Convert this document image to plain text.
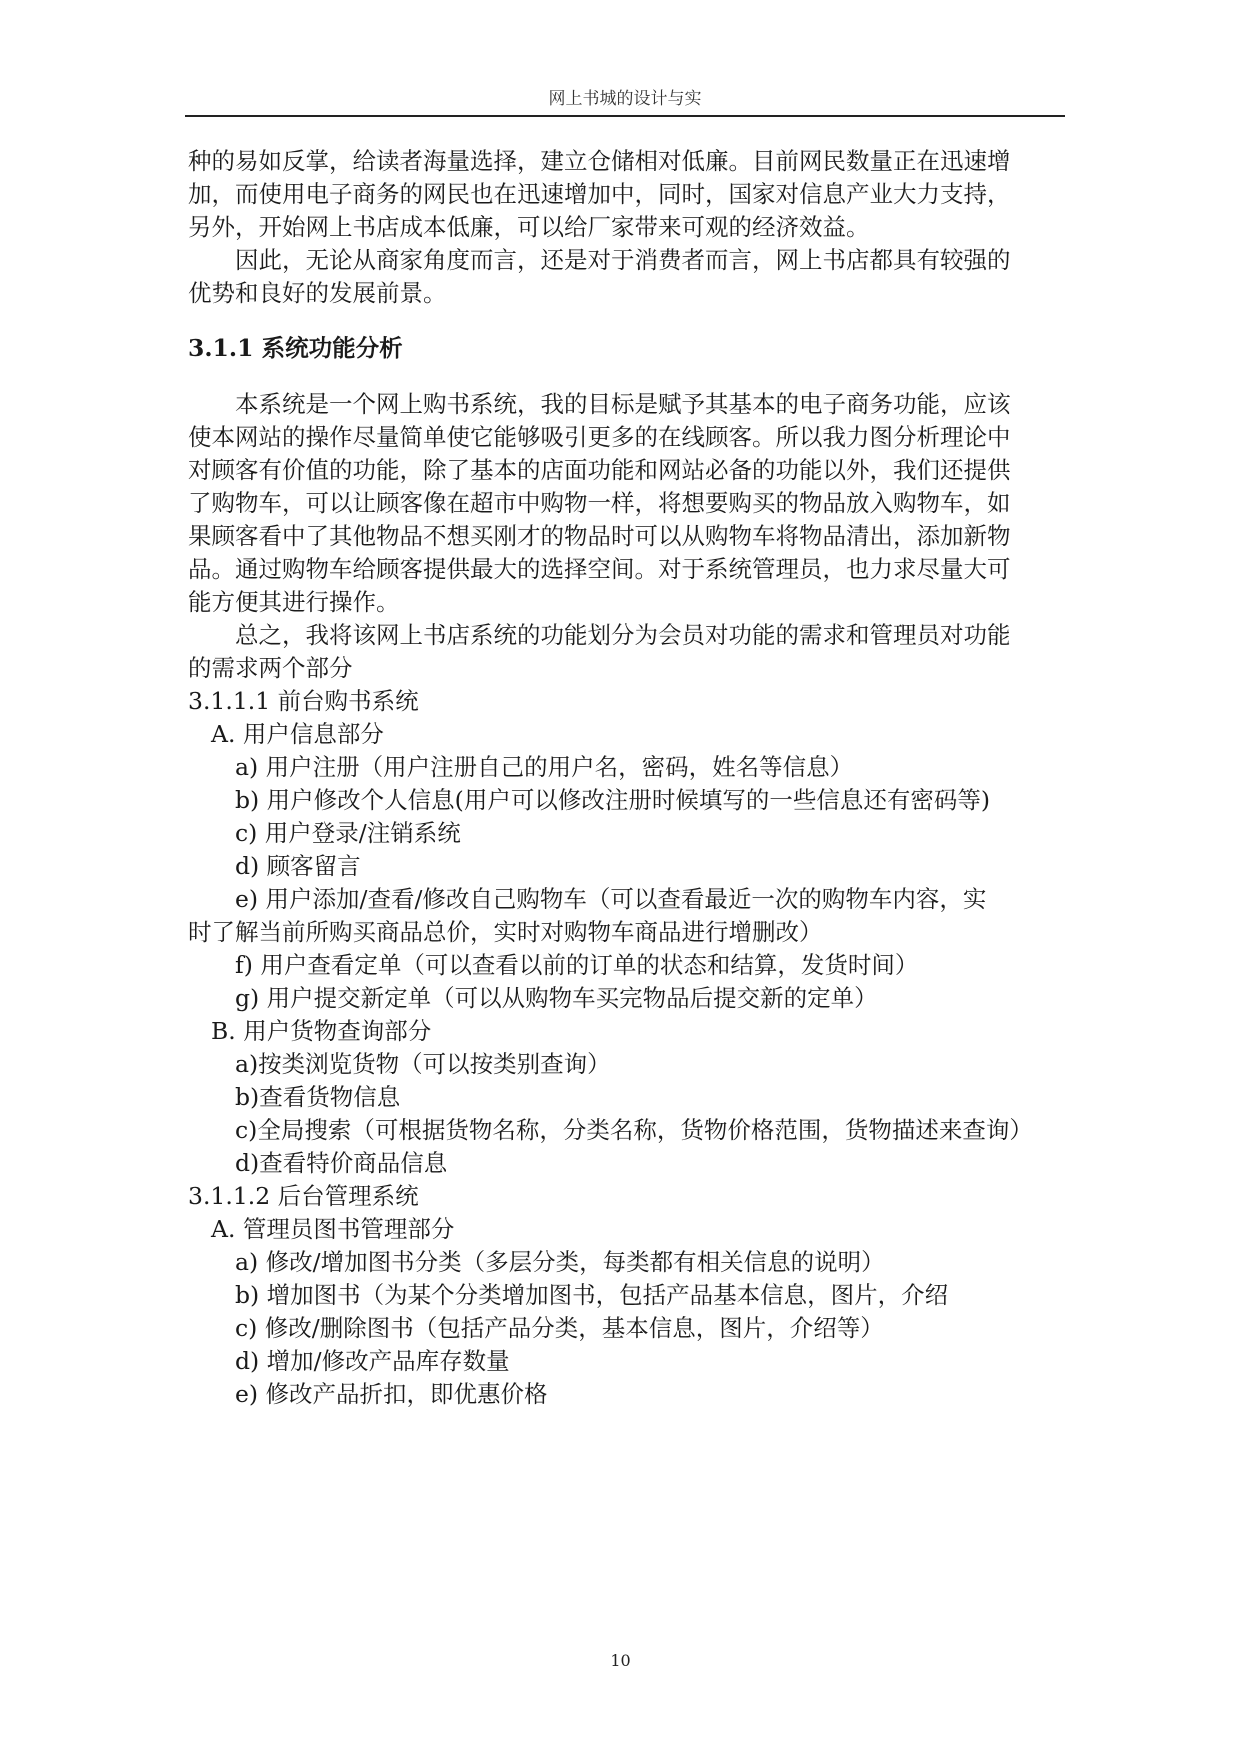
网上书城的设计与实
种的易如反掌，给读者海量选择，建立仓储相对低廉。目前网民数量正在迅速增
加，而使用电子商务的网民也在迅速增加中，同时，国家对信息产业大力支持，
另外，开始网上书店成本低廉，可以给厂家带来可观的经济效益。
因此，无论从商家角度而言，还是对于消费者而言，网上书店都具有较强的
优势和良好的发展前景。
3.1.1 系统功能分析
本系统是一个网上购书系统，我的目标是赋予其基本的电子商务功能，应该
使本网站的操作尽量简单使它能够吸引更多的在线顾客。所以我力图分析理论中
对顾客有价值的功能，除了基本的店面功能和网站必备的功能以外，我们还提供
了购物车，可以让顾客像在超市中购物一样，将想要购买的物品放入购物车，如
果顾客看中了其他物品不想买刚才的物品时可以从购物车将物品清出，添加新物
品。通过购物车给顾客提供最大的选择空间。对于系统管理员，也力求尽量大可
能方便其进行操作。
总之，我将该网上书店系统的功能划分为会员对功能的需求和管理员对功能
的需求两个部分
3.1.1.1 前台购书系统
A. 用户信息部分
a) 用户注册（用户注册自己的用户名，密码，姓名等信息）
b) 用户修改个人信息(用户可以修改注册时候填写的一些信息还有密码等)
c) 用户登录/注销系统
d) 顾客留言
e) 用户添加/查看/修改自己购物车（可以查看最近一次的购物车内容，实
时了解当前所购买商品总价，实时对购物车商品进行增删改）
f) 用户查看定单（可以查看以前的订单的状态和结算，发货时间）
g) 用户提交新定单（可以从购物车买完物品后提交新的定单）
B. 用户货物查询部分
a)按类浏览货物（可以按类别查询）
b)查看货物信息
c)全局搜索（可根据货物名称，分类名称，货物价格范围，货物描述来查询）
d)查看特价商品信息
3.1.1.2 后台管理系统
A. 管理员图书管理部分
a) 修改/增加图书分类（多层分类，每类都有相关信息的说明）
b) 增加图书（为某个分类增加图书，包括产品基本信息，图片，介绍
c) 修改/删除图书（包括产品分类，基本信息，图片，介绍等）
d) 增加/修改产品库存数量
e) 修改产品折扣，即优惠价格
10
